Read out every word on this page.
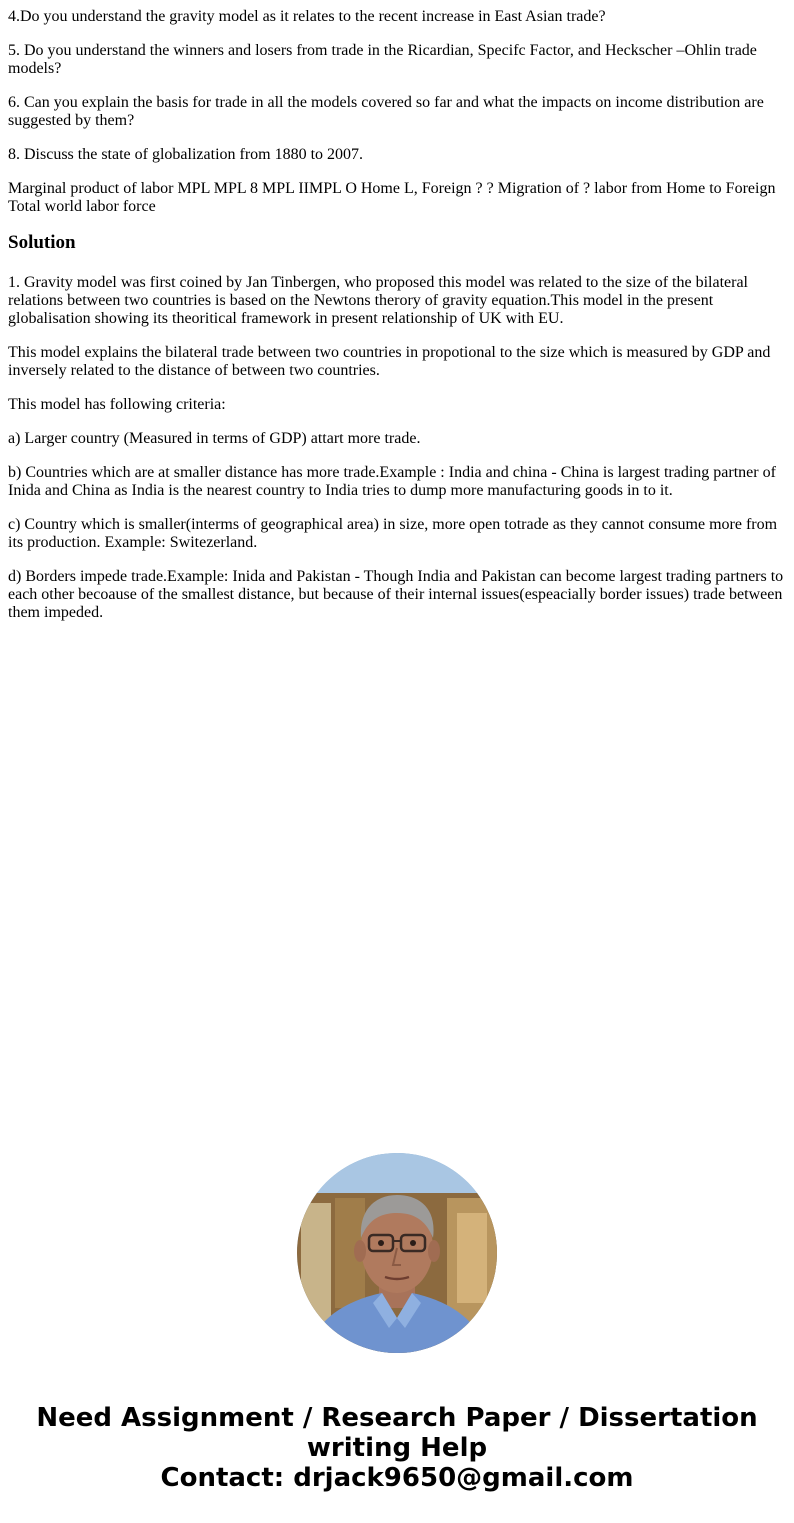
4.Do you understand the gravity model as it relates to the recent increase in East Asian trade?

5. Do you understand the winners and losers from trade in the Ricardian, Specifc Factor, and Heckscher –Ohlin trade models?

6. Can you explain the basis for trade in all the models covered so far and what the impacts on income distribution are suggested by them?

8. Discuss the state of globalization from 1880 to 2007.

Marginal product of labor MPL MPL 8 MPL IIMPL O Home L, Foreign ? ? Migration of ? labor from Home to Foreign Total world labor force

Solution

1. Gravity model was first coined by Jan Tinbergen, who proposed this model was related to the size of the bilateral relations between two countries is based on the Newtons therory of gravity equation.This model in the present globalisation showing its theoritical framework in present relationship of UK with EU.

This model explains the bilateral trade between two countries in propotional to the size which is measured by GDP and inversely related to the distance of between two countries.

This model has following criteria:

a) Larger country (Measured in terms of GDP) attart more trade.

b) Countries which are at smaller distance has more trade.Example : India and china - China is largest trading partner of Inida and China as India is the nearest country to India tries to dump more manufacturing goods in to it.

c) Country which is smaller(interms of geographical area) in size, more open totrade as they cannot consume more from its production. Example: Switezerland.

d) Borders impede trade.Example: Inida and Pakistan - Though India and Pakistan can become largest trading partners to each other becoause of the smallest distance, but because of their internal issues(espeacially border issues) trade between them impeded.

Need Assignment / Research Paper / Dissertation
writing Help
Contact: drjack9650@gmail.com
